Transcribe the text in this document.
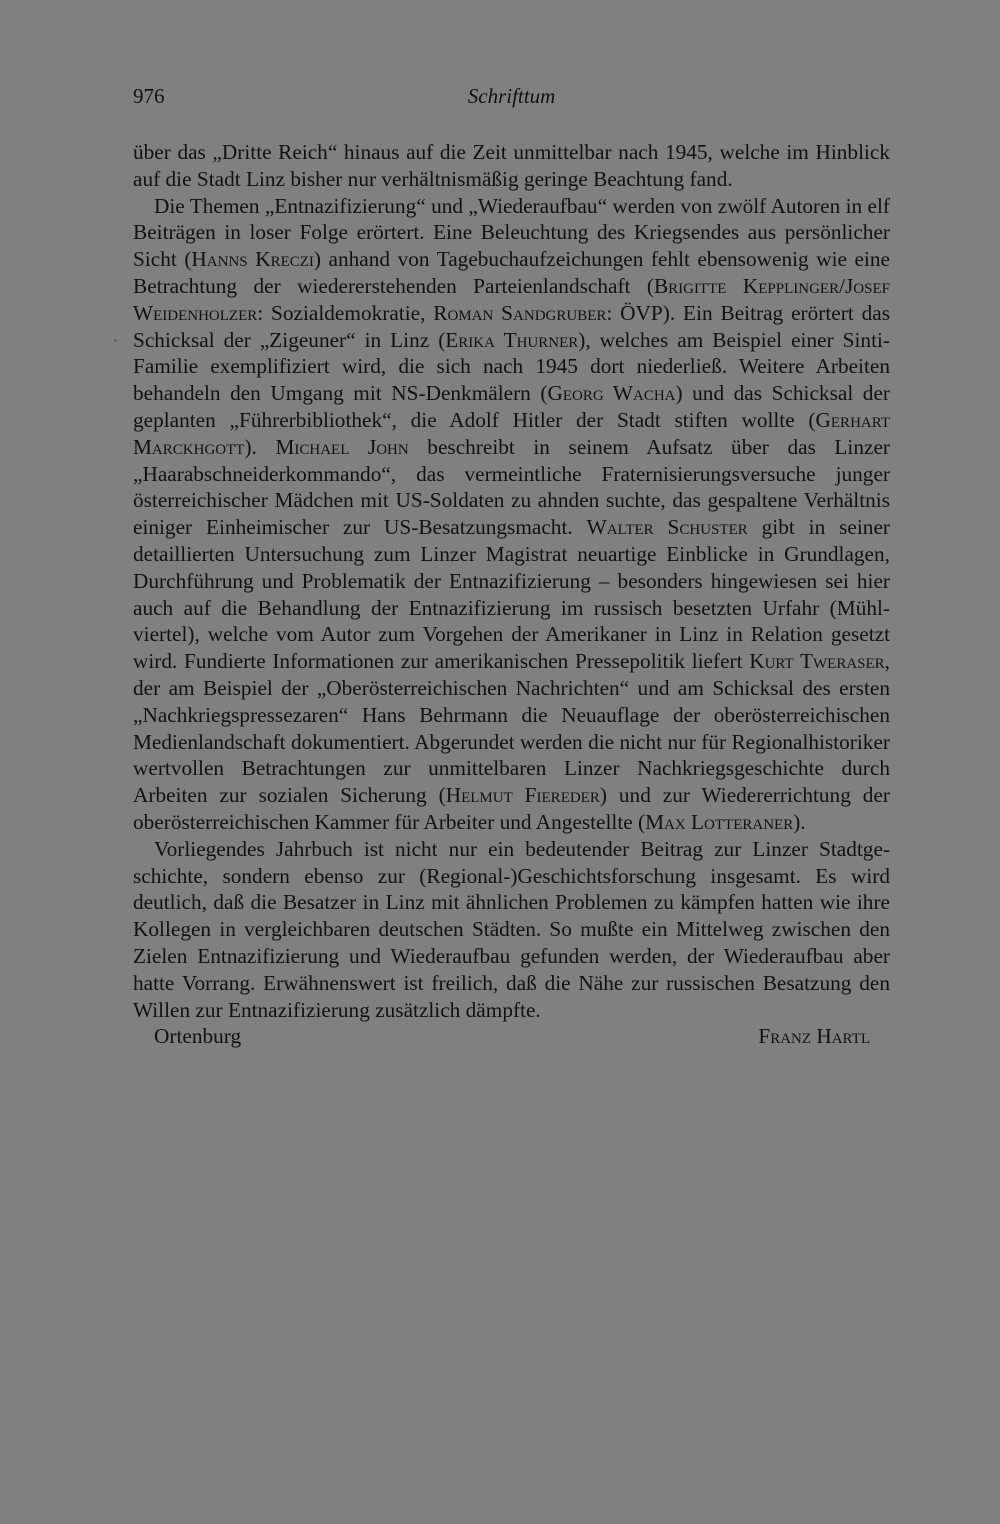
976	Schrifttum

über das „Dritte Reich“ hinaus auf die Zeit unmittelbar nach 1945, welche im Hinblick auf die Stadt Linz bisher nur verhältnismäßig geringe Beachtung fand.

Die Themen „Entnazifizierung“ und „Wiederaufbau“ werden von zwölf Autoren in elf Beiträgen in loser Folge erörtert. Eine Beleuchtung des Kriegsendes aus persönlicher Sicht (Hanns Kreczi) anhand von Tagebuchaufzeichungen fehlt ebensowenig wie eine Betrachtung der wiedererstehenden Parteienlandschaft (Brigitte Kepplinger/Josef Weidenholzer: Sozialdemokratie, Roman Sandgruber: ÖVP). Ein Beitrag erörtert das Schicksal der „Zigeuner“ in Linz (Erika Thurner), welches am Beispiel einer Sinti-Familie exemplifiziert wird, die sich nach 1945 dort niederließ. Weitere Arbeiten behandeln den Umgang mit NS-Denkmälern (Georg Wacha) und das Schicksal der geplanten „Führerbibliothek“, die Adolf Hitler der Stadt stiften wollte (Gerhart Marckhgott). Michael John beschreibt in seinem Aufsatz über das Linzer „Haarabschneiderkommando“, das vermeintliche Fraternisierungsversuche junger österreichischer Mädchen mit US-Soldaten zu ahnden suchte, das gespaltene Verhältnis einiger Einheimischer zur US-Besatzungsmacht. Walter Schuster gibt in seiner detaillierten Untersuchung zum Linzer Magistrat neuartige Einblicke in Grundlagen, Durchführung und Problematik der Entnazifizierung – besonders hingewiesen sei hier auch auf die Behandlung der Entnazifizierung im russisch besetzten Urfahr (Mühlviertel), welche vom Autor zum Vorgehen der Amerikaner in Linz in Relation gesetzt wird. Fundierte Informationen zur amerikanischen Pressepolitik liefert Kurt Tweraser, der am Beispiel der „Oberösterreichischen Nachrichten“ und am Schicksal des ersten „Nachkriegspressezaren“ Hans Behrmann die Neuauflage der oberösterreichischen Medienlandschaft dokumentiert. Abgerundet werden die nicht nur für Regionalhistoriker wertvollen Betrachtungen zur unmittelbaren Linzer Nachkriegsgeschichte durch Arbeiten zur sozialen Sicherung (Helmut Fiereder) und zur Wiedererrichtung der oberösterreichischen Kammer für Arbeiter und Angestellte (Max Lotteraner).

Vorliegendes Jahrbuch ist nicht nur ein bedeutender Beitrag zur Linzer Stadtgeschichte, sondern ebenso zur (Regional-)Geschichtsforschung insgesamt. Es wird deutlich, daß die Besatzer in Linz mit ähnlichen Problemen zu kämpfen hatten wie ihre Kollegen in vergleichbaren deutschen Städten. So mußte ein Mittelweg zwischen den Zielen Entnazifizierung und Wiederaufbau gefunden werden, der Wiederaufbau aber hatte Vorrang. Erwähnenswert ist freilich, daß die Nähe zur russischen Besatzung den Willen zur Entnazifizierung zusätzlich dämpfte.

Ortenburg	Franz Hartl
